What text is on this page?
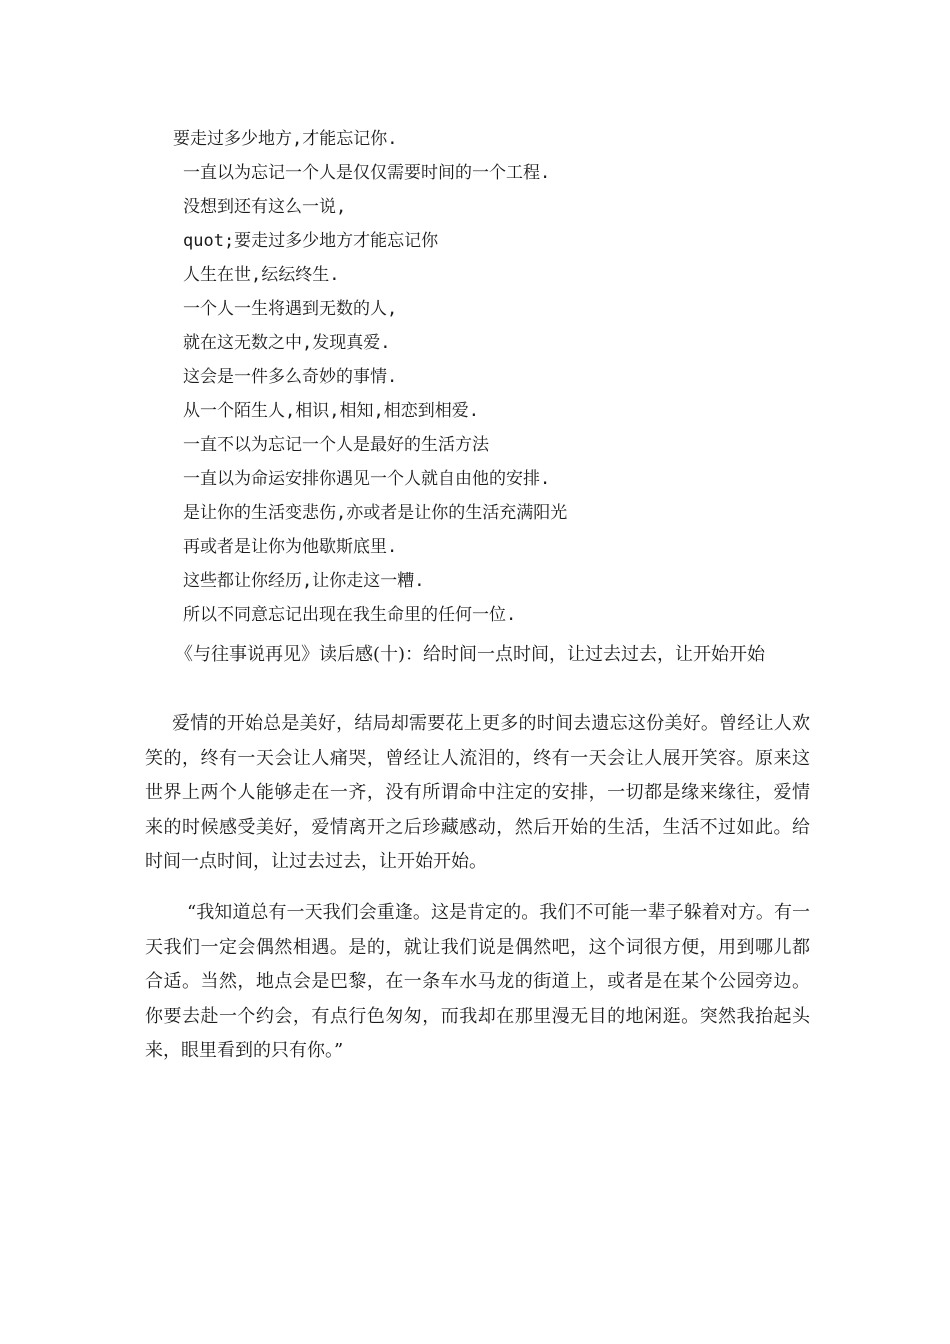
要走过多少地方,才能忘记你.
一直以为忘记一个人是仅仅需要时间的一个工程.
没想到还有这么一说,
quot;要走过多少地方才能忘记你
人生在世,纭纭终生.
一个人一生将遇到无数的人,
就在这无数之中,发现真爱.
这会是一件多么奇妙的事情.
从一个陌生人,相识,相知,相恋到相爱.
一直不以为忘记一个人是最好的生活方法
一直以为命运安排你遇见一个人就自由他的安排.
是让你的生活变悲伤,亦或者是让你的生活充满阳光
再或者是让你为他歇斯底里.
这些都让你经历,让你走这一糟.
所以不同意忘记出现在我生命里的任何一位.

《与往事说再见》读后感(十)：给时间一点时间，让过去过去，让开始开始

爱情的开始总是美好，结局却需要花上更多的时间去遗忘这份美好。曾经让人欢笑的，终有一天会让人痛哭，曾经让人流泪的，终有一天会让人展开笑容。原来这世界上两个人能够走在一齐，没有所谓命中注定的安排，一切都是缘来缘往，爱情来的时候感受美好，爱情离开之后珍藏感动，然后开始的生活，生活不过如此。给时间一点时间，让过去过去，让开始开始。

“我知道总有一天我们会重逢。这是肯定的。我们不可能一辈子躲着对方。有一天我们一定会偶然相遇。是的，就让我们说是偶然吧，这个词很方便，用到哪儿都合适。当然，地点会是巴黎，在一条车水马龙的街道上，或者是在某个公园旁边。你要去赴一个约会，有点行色匆匆，而我却在那里漫无目的地闲逛。突然我抬起头来，眼里看到的只有你。”
